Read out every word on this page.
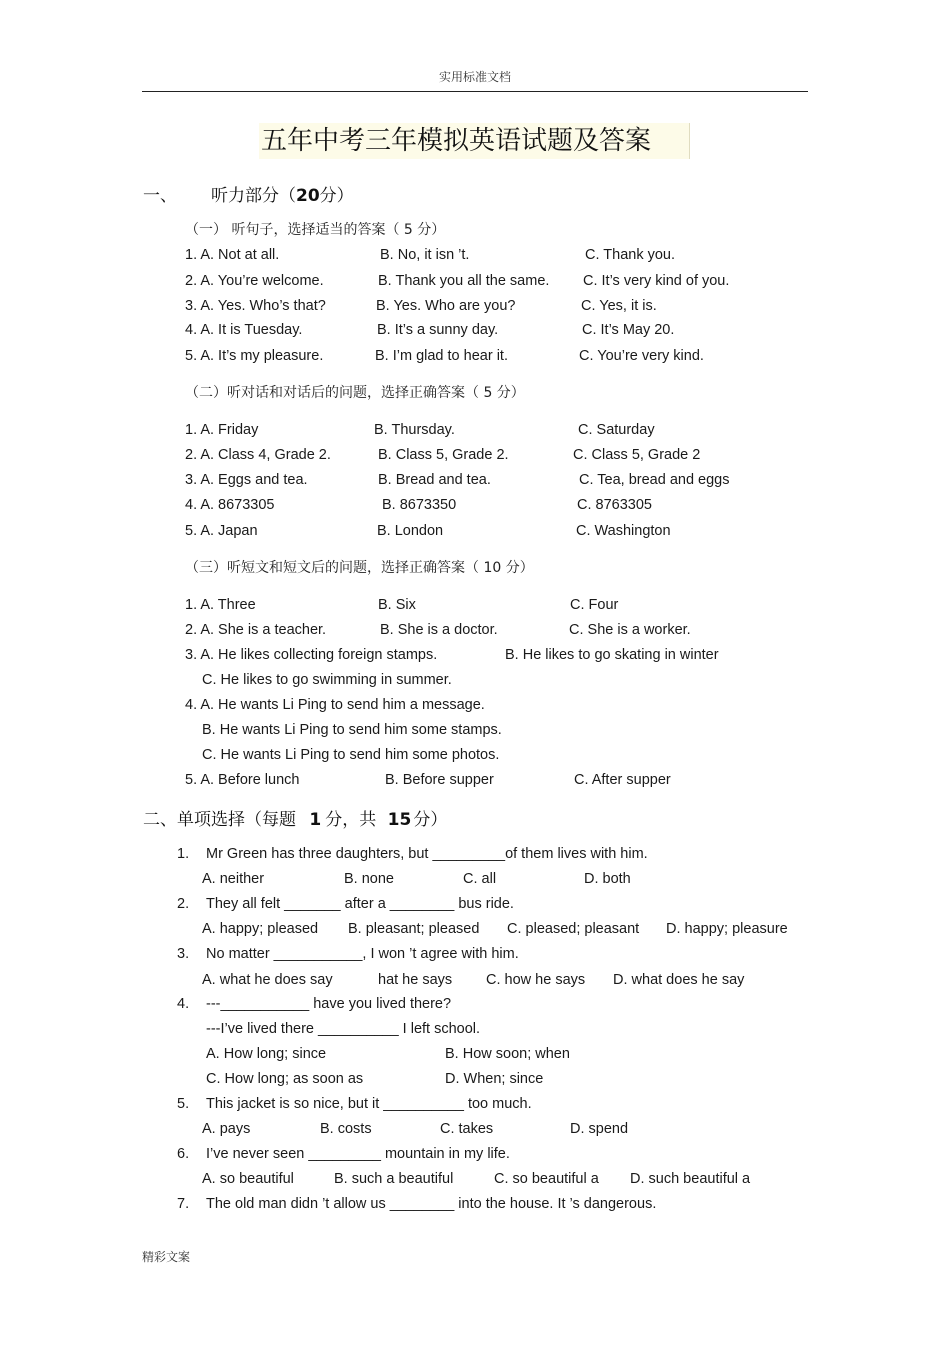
实用标准文档
五年中考三年模拟英语试题及答案
一、 听力部分（20分）
（一） 听句子，选择适当的答案（ 5 分）
1. A. Not at all.	B. No, it isn ’t.	C. Thank you.
2. A. You’re welcome.	B. Thank you all the same. C. It’s very kind of you.
3. A. Yes. Who’s that?	B. Yes. Who are you?	C. Yes, it is.
4. A. It is Tuesday.	B. It’s a sunny day.	C. It’s May 20.
5. A. It’s my pleasure.	B. I’m glad to hear it.	C. You’re very kind.
（二）听对话和对话后的问题，选择正确答案（ 5 分）
1. A. Friday	B. Thursday.	C. Saturday
2. A. Class 4, Grade 2.	B. Class 5, Grade 2.	C. Class 5, Grade 2
3. A. Eggs and tea.	B. Bread and tea.	C. Tea, bread and eggs
4. A. 8673305	B. 8673350	C. 8763305
5. A. Japan	B. London	C. Washington
（三）听短文和短文后的问题，选择正确答案（ 10 分）
1. A. Three	B. Six	C. Four
2. A. She is a teacher.	B. She is a doctor.	C. She is a worker.
3. A. He likes collecting foreign stamps.	B. He likes to go skating in winter
C. He likes to go swimming in summer.
4. A. He wants Li Ping to send him a message.
B. He wants Li Ping to send him some stamps.
C. He wants Li Ping to send him some photos.
5. A. Before lunch	B. Before supper	C. After supper
二、单项选择（每题 1 分，共 15 分）
1. Mr Green has three daughters, but _________of them lives with him.
A. neither	B. none	C. all	D. both
2. They all felt _______ after a ________ bus ride.
A. happy; pleased B. pleasant; pleased C. pleased; pleasant D. happy; pleasure
3. No matter ___________, I won ’t agree with him.
A. what he does say	hat he says C. how he says D. what does he say
4. ---___________ have you lived there?
---I’ve lived there __________ I left school.
A. How long; since	B. How soon; when
C. How long; as soon as	D. When; since
5. This jacket is so nice, but it __________ too much.
A. pays	B. costs	C. takes	D. spend
6. I’ve never seen _________ mountain in my life.
A. so beautiful	B. such a beautiful	C. so beautiful a D. such beautiful a
7. The old man didn ’t allow us ________ into the house. It ’s dangerous.
精彩文案
